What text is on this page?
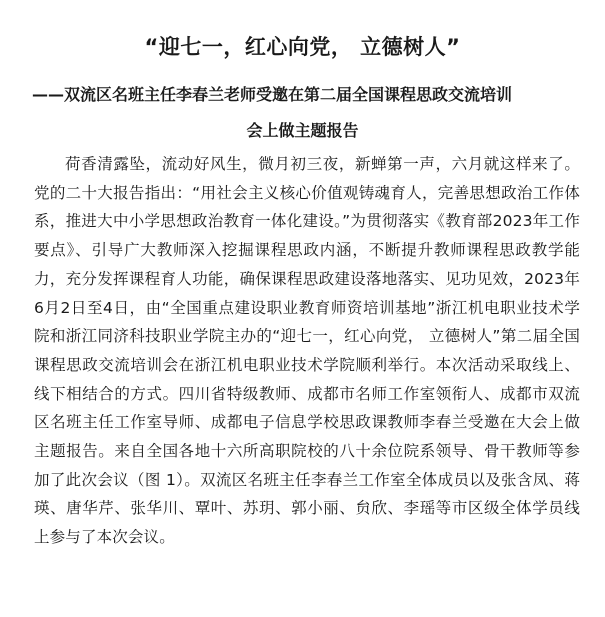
“迎七一，红心向党， 立德树人”

——双流区名班主任李春兰老师受邀在第二届全国课程思政交流培训

会上做主题报告

荷香清露坠，流动好风生，微月初三夜，新蝉第一声，六月就这样来了。党的二十大报告指出：“用社会主义核心价值观铸魂育人，完善思想政治工作体系，推进大中小学思想政治教育一体化建设。”为贯彻落实《教育部2023年工作要点》、引导广大教师深入挖掘课程思政内涵，不断提升教师课程思政教学能力，充分发挥课程育人功能，确保课程思政建设落地落实、见功见效，2023年6月2日至4日，由“全国重点建设职业教育师资培训基地”浙江机电职业技术学院和浙江同济科技职业学院主办的“迎七一，红心向党， 立德树人”第二届全国课程思政交流培训会在浙江机电职业技术学院顺利举行。本次活动采取线上、线下相结合的方式。四川省特级教师、成都市名师工作室领衔人、成都市双流区名班主任工作室导师、成都电子信息学校思政课教师李春兰受邀在大会上做主题报告。来自全国各地十六所高职院校的八十余位院系领导、骨干教师等参加了此次会议（图 1）。双流区名班主任李春兰工作室全体成员以及张含凤、蒋瑛、唐华芹、张华川、覃叶、苏玥、郭小丽、贠欣、李瑶等市区级全体学员线上参与了本次会议。
